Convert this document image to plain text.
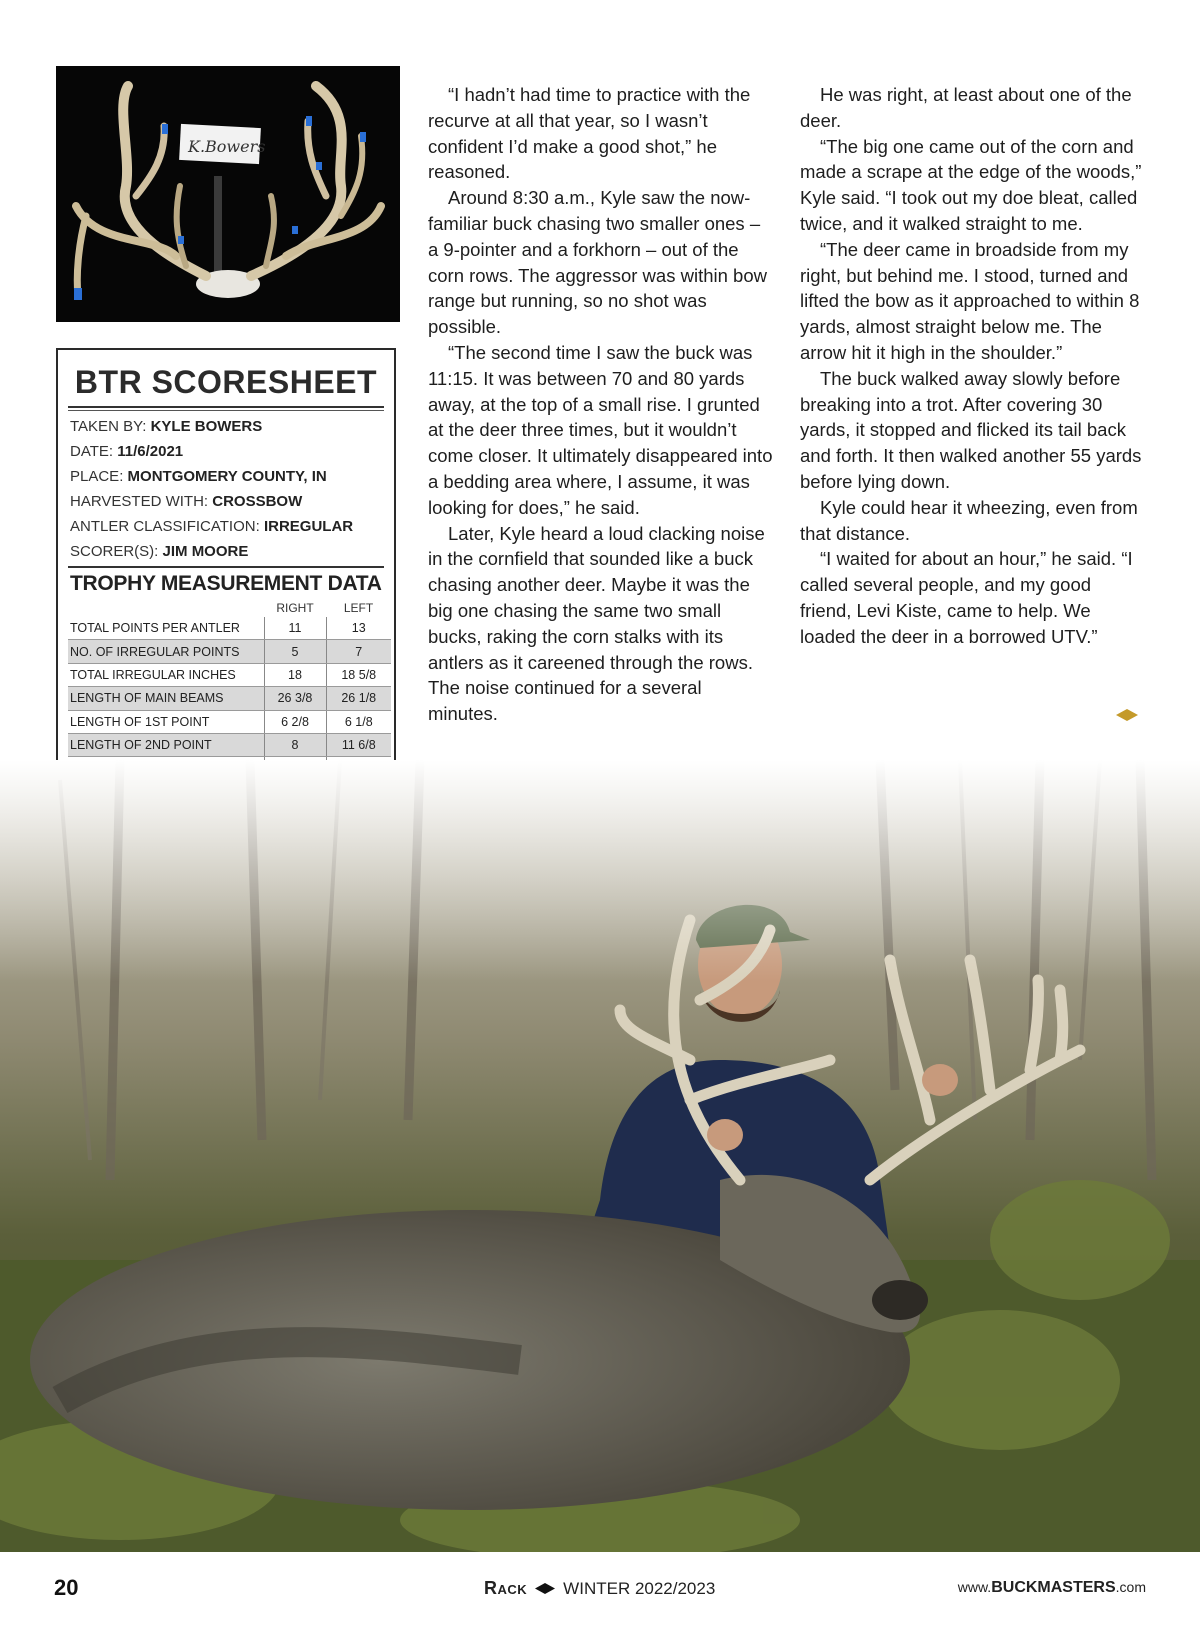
K.Bowers
BTR SCORESHEET
TAKEN BY: KYLE BOWERS
DATE: 11/6/2021
PLACE: MONTGOMERY COUNTY, IN
HARVESTED WITH: CROSSBOW
ANTLER CLASSIFICATION: IRREGULAR
SCORER(S): JIM MOORE
TROPHY MEASUREMENT DATA
	RIGHT	LEFT
TOTAL POINTS PER ANTLER	11	13
NO. OF IRREGULAR POINTS	5	7
TOTAL IRREGULAR INCHES	18	18 5/8
LENGTH OF MAIN BEAMS	26 3/8	26 1/8
LENGTH OF 1ST POINT	6 2/8	6 1/8
LENGTH OF 2ND POINT	8	11 6/8

“I hadn’t had time to practice with the recurve at all that year, so I wasn’t confident I’d make a good shot,” he reasoned.

Around 8:30 a.m., Kyle saw the now-familiar buck chasing two smaller ones – a 9-pointer and a forkhorn – out of the corn rows. The aggressor was within bow range but running, so no shot was possible.

“The second time I saw the buck was 11:15. It was between 70 and 80 yards away, at the top of a small rise. I grunted at the deer three times, but it wouldn’t come closer. It ultimately disappeared into a bedding area where, I assume, it was looking for does,” he said.

Later, Kyle heard a loud clacking noise in the cornfield that sounded like a buck chasing another deer. Maybe it was the big one chasing the same two small bucks, raking the corn stalks with its antlers as it careened through the rows. The noise continued for a several minutes.

He was right, at least about one of the deer.

“The big one came out of the corn and made a scrape at the edge of the woods,” Kyle said. “I took out my doe bleat, called twice, and it walked straight to me.

“The deer came in broadside from my right, but behind me. I stood, turned and lifted the bow as it approached to within 8 yards, almost straight below me. The arrow hit it high in the shoulder.”

The buck walked away slowly before breaking into a trot. After covering 30 yards, it stopped and flicked its tail back and forth. It then walked another 55 yards before lying down.

Kyle could hear it wheezing, even from that distance.

“I waited for about an hour,” he said. “I called several people, and my good friend, Levi Kiste, came to help. We loaded the deer in a borrowed UTV.”

20	Rack WINTER 2022/2023	www.BUCKMASTERS.com
